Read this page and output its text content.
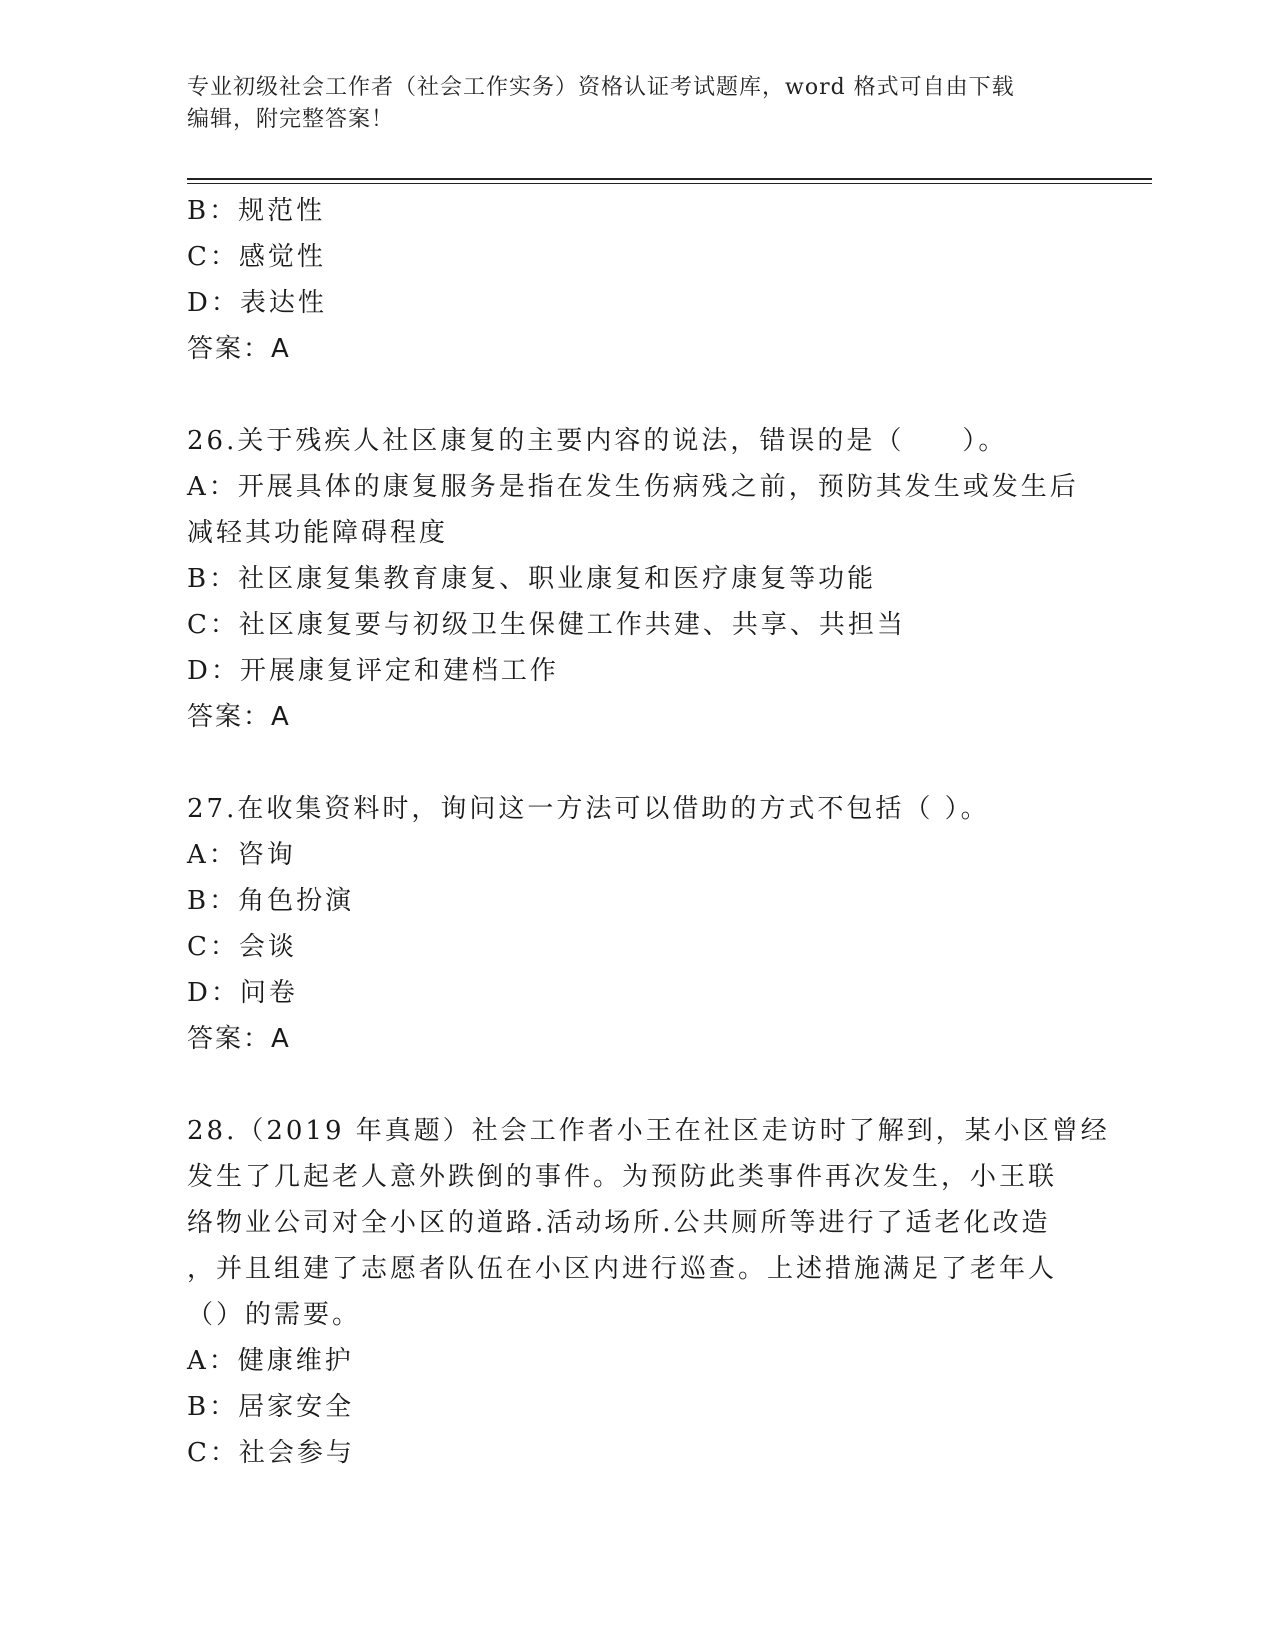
专业初级社会工作者（社会工作实务）资格认证考试题库，word 格式可自由下载
编辑，附完整答案！
B：规范性
C：感觉性
D：表达性
答案：A
26.关于残疾人社区康复的主要内容的说法，错误的是（　　）。
A：开展具体的康复服务是指在发生伤病残之前，预防其发生或发生后
减轻其功能障碍程度
B：社区康复集教育康复、职业康复和医疗康复等功能
C：社区康复要与初级卫生保健工作共建、共享、共担当
D：开展康复评定和建档工作
答案：A
27.在收集资料时，询问这一方法可以借助的方式不包括（ ）。
A：咨询
B：角色扮演
C：会谈
D：问卷
答案：A
28.（2019 年真题）社会工作者小王在社区走访时了解到，某小区曾经
发生了几起老人意外跌倒的事件。为预防此类事件再次发生，小王联
络物业公司对全小区的道路.活动场所.公共厕所等进行了适老化改造
，并且组建了志愿者队伍在小区内进行巡查。上述措施满足了老年人
（）的需要。
A：健康维护
B：居家安全
C：社会参与
